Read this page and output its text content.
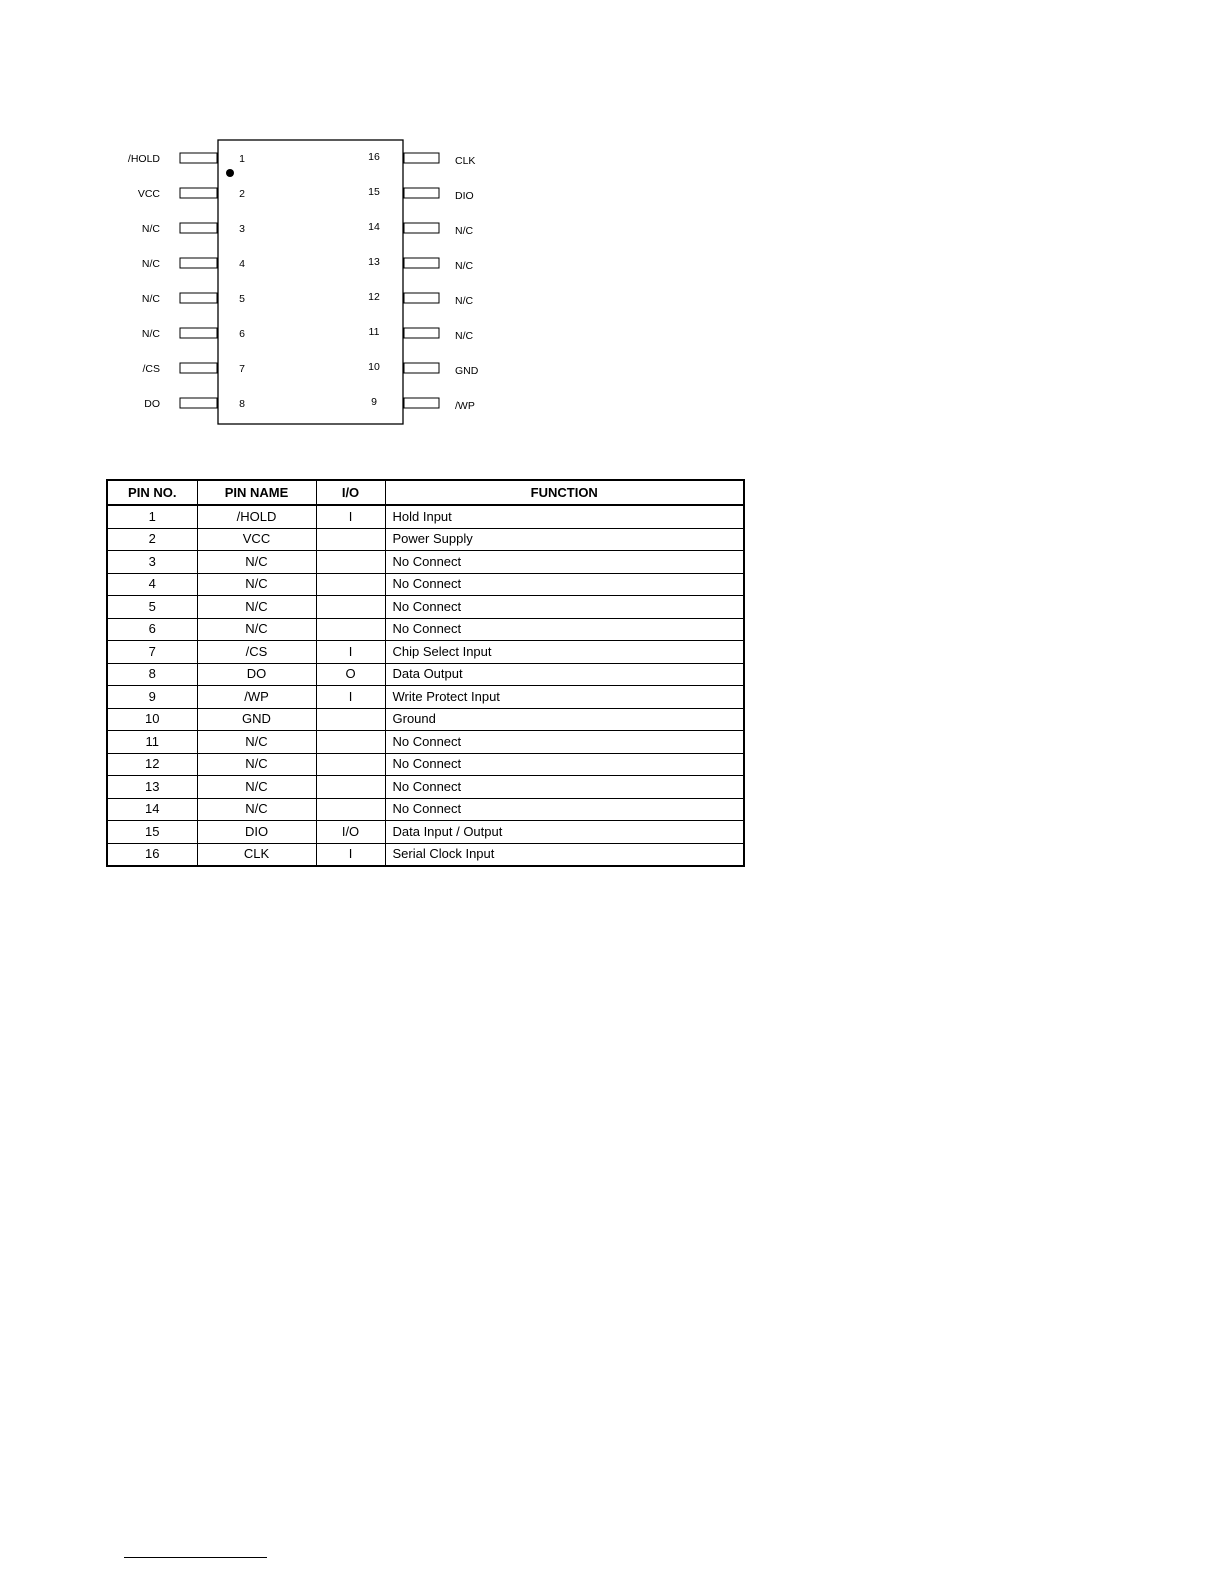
/HOLD	1
VCC	2
N/C	3
N/C	4
N/C	5
N/C	6
/CS	7
DO	8
CLK
16
DIO
15
N/C
14
N/C
13
N/C
12
N/C
11
GND
10
/WP
9
PIN NO.	PIN NAME	I/O	FUNCTION
1	/HOLD	I	Hold Input
2	VCC		Power Supply
3	N/C		No Connect
4	N/C		No Connect
5	N/C		No Connect
6	N/C		No Connect
7	/CS	I	Chip Select Input
8	DO	O	Data Output
9	/WP	I	Write Protect Input
10	GND		Ground
11	N/C		No Connect
12	N/C		No Connect
13	N/C		No Connect
14	N/C		No Connect
15	DIO	I/O	Data Input / Output
16	CLK	I	Serial Clock Input
